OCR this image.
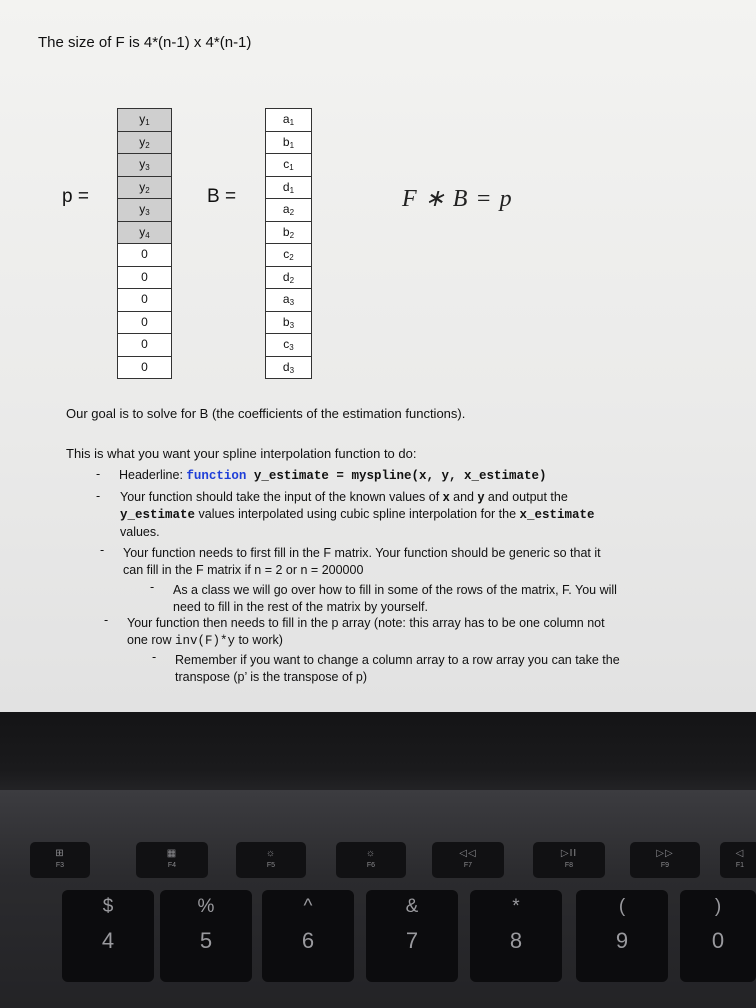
The size of F is 4*(n-1) x 4*(n-1)
p =
$y_1$
$y_2$
$y_3$
$y_2$
$y_3$
$y_4$
0
0
0
0
0
0
B =
$a_1$
$b_1$
$c_1$
$d_1$
$a_2$
$b_2$
$c_2$
$d_2$
$a_3$
$b_3$
$c_3$
$d_3$
F ∗ B = p
Our goal is to solve for B (the coefficients of the estimation functions).
This is what you want your spline interpolation function to do:
- Headerline: function y_estimate = myspline(x, y, x_estimate)
- Your function should take the input of the known values of x and y and output the
y_estimate values interpolated using cubic spline interpolation for the x_estimate
values.
- Your function needs to first fill in the F matrix. Your function should be generic so that it
can fill in the F matrix if n = 2 or n = 200000
- As a class we will go over how to fill in some of the rows of the matrix, F. You will
need to fill in the rest of the matrix by yourself.
- Your function then needs to fill in the p array (note: this array has to be one column not
one row inv(F)*y to work)
- Remember if you want to change a column array to a row array you can take the
transpose (p’ is the transpose of p)
⊞
F3
▦
F4
☼
F5
☼
F6
◁◁
F7
▷II
F8
▷▷
F9
◁
F1
$
4
%
5
^
6
&
7
*
8
(
9
)
0
